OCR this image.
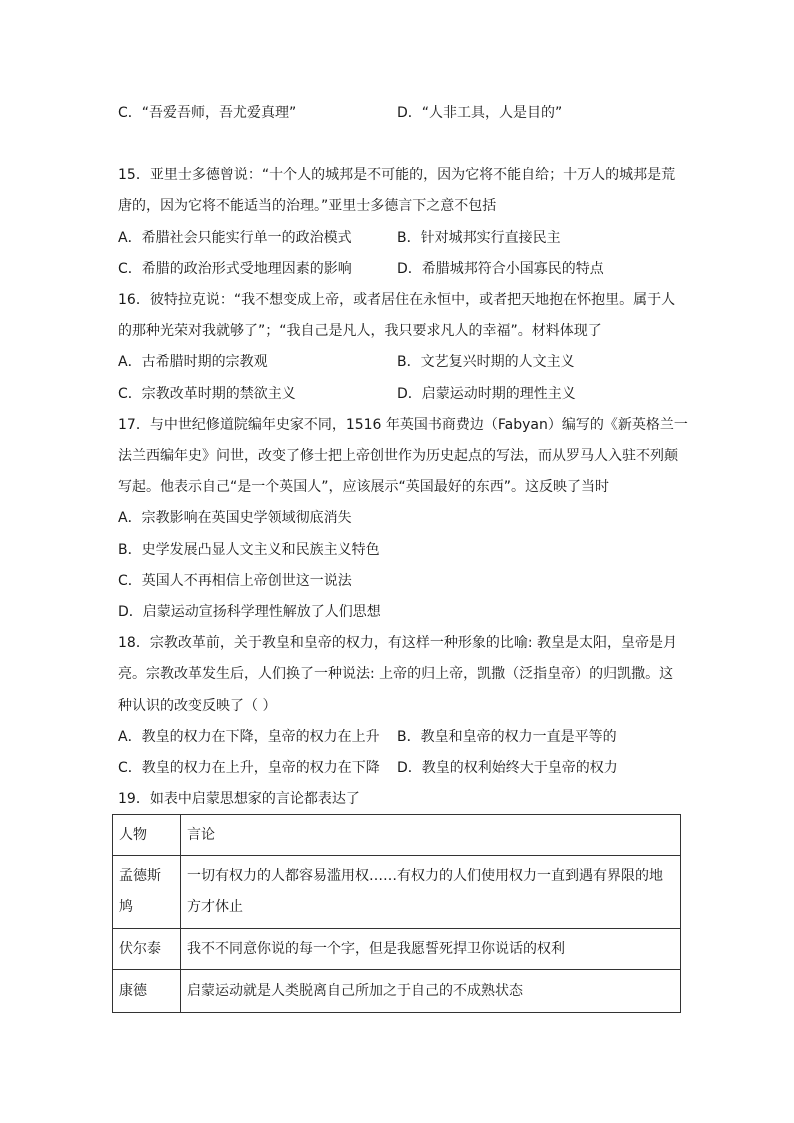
C．“吾爱吾师，吾尤爱真理”	D．“人非工具，人是目的”
15．亚里士多德曾说：“十个人的城邦是不可能的，因为它将不能自给；十万人的城邦是荒
唐的，因为它将不能适当的治理。”亚里士多德言下之意不包括
A．希腊社会只能实行单一的政治模式	B．针对城邦实行直接民主
C．希腊的政治形式受地理因素的影响	D．希腊城邦符合小国寡民的特点
16．彼特拉克说：“我不想变成上帝，或者居住在永恒中，或者把天地抱在怀抱里。属于人
的那种光荣对我就够了”；“我自己是凡人，我只要求凡人的幸福”。材料体现了
A．古希腊时期的宗教观	B．文艺复兴时期的人文主义
C．宗教改革时期的禁欲主义	D．启蒙运动时期的理性主义
17．与中世纪修道院编年史家不同，1516 年英国书商费边（Fabyan）编写的《新英格兰一
法兰西编年史》问世，改变了修士把上帝创世作为历史起点的写法，而从罗马人入驻不列颠
写起。他表示自己“是一个英国人”，应该展示“英国最好的东西”。这反映了当时
A．宗教影响在英国史学领域彻底消失
B．史学发展凸显人文主义和民族主义特色
C．英国人不再相信上帝创世这一说法
D．启蒙运动宣扬科学理性解放了人们思想
18．宗教改革前，关于教皇和皇帝的权力，有这样一种形象的比喻: 教皇是太阳，皇帝是月
亮。宗教改革发生后，人们换了一种说法: 上帝的归上帝，凯撒（泛指皇帝）的归凯撒。这
种认识的改变反映了（ ）
A．教皇的权力在下降，皇帝的权力在上升 B．教皇和皇帝的权力一直是平等的
C．教皇的权力在上升，皇帝的权力在下降 D．教皇的权利始终大于皇帝的权力
19．如表中启蒙思想家的言论都表达了
人物	言论
孟德斯鸠	一切有权力的人都容易滥用权……有权力的人们使用权力一直到遇有界限的地方才休止
伏尔泰	我不不同意你说的每一个字，但是我愿誓死捍卫你说话的权利
康德	启蒙运动就是人类脱离自己所加之于自己的不成熟状态
